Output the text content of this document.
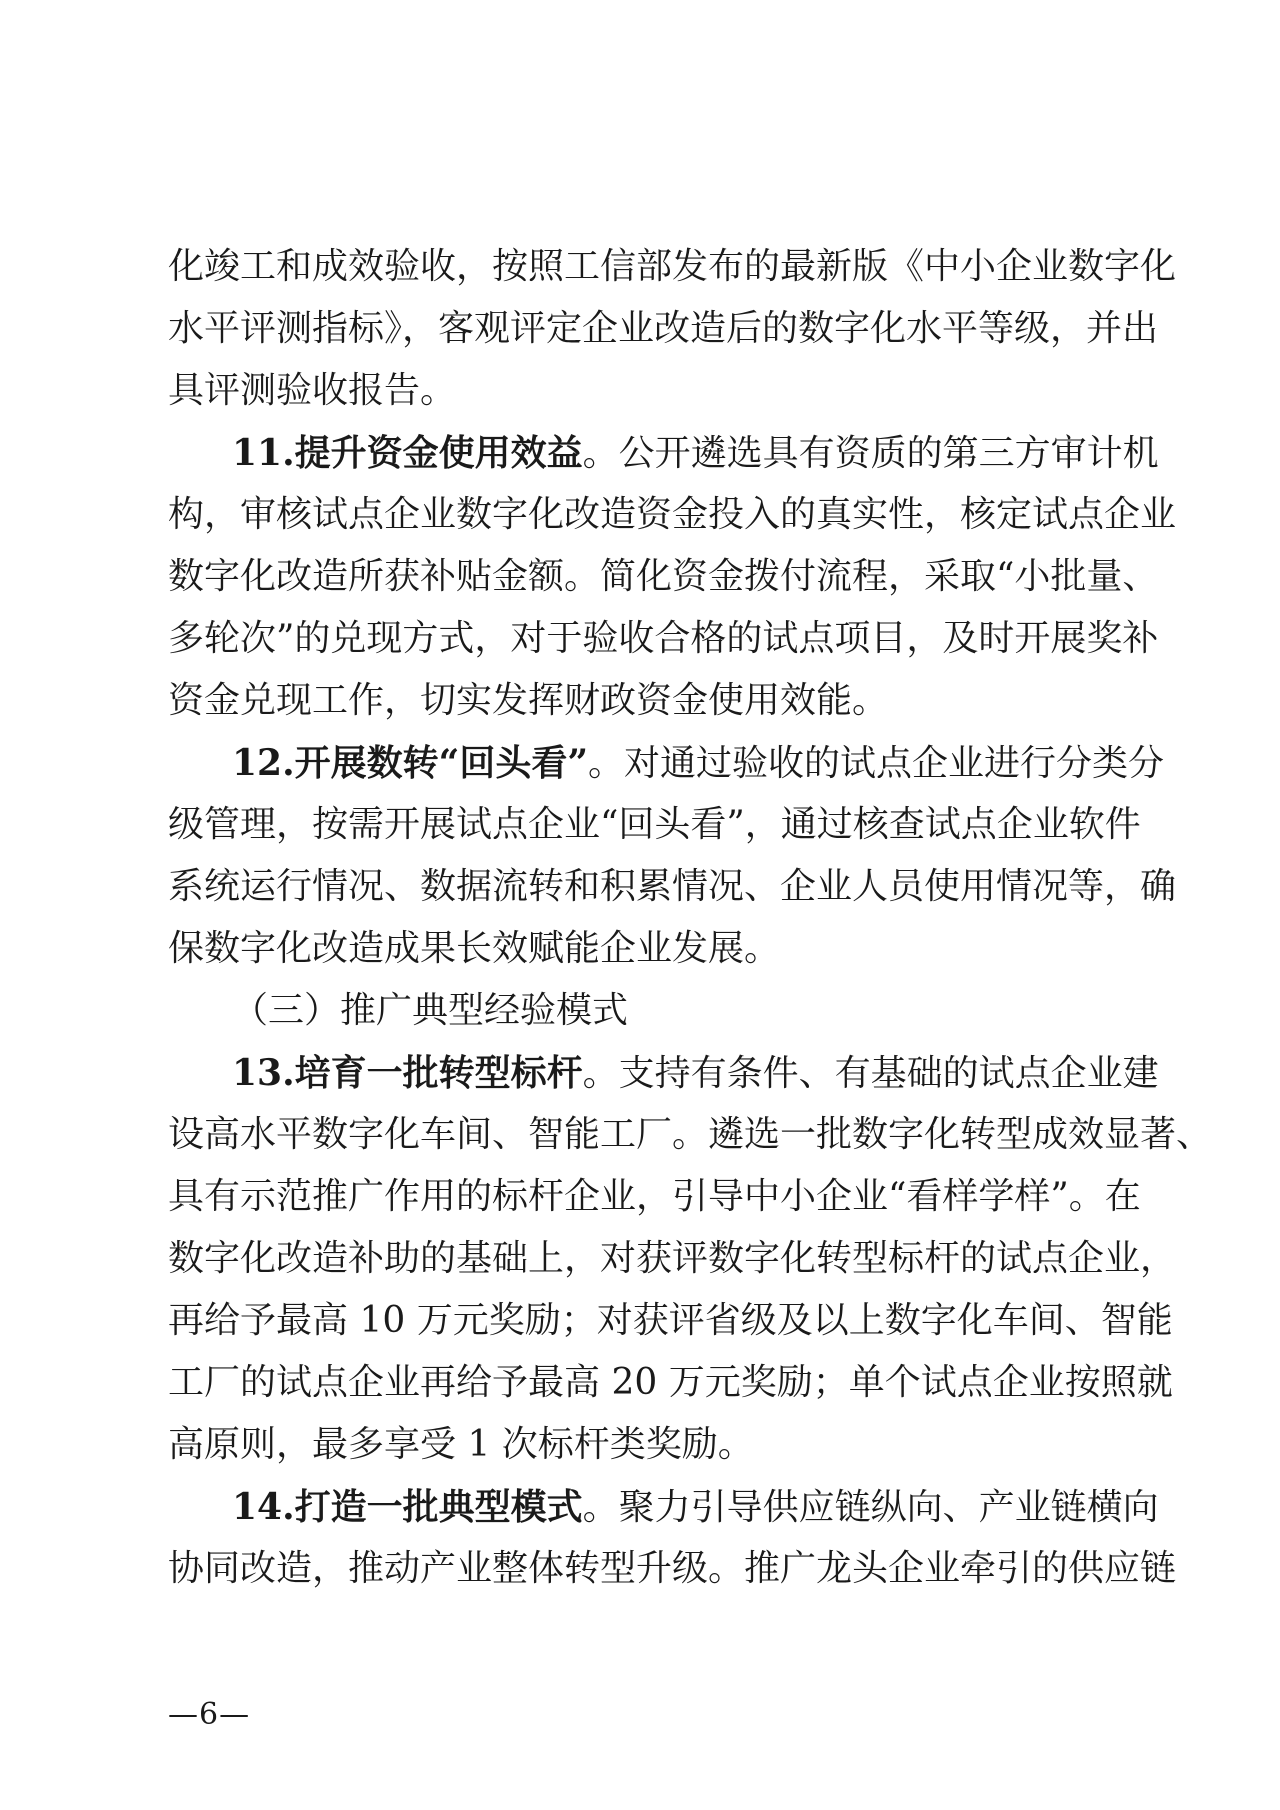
化竣工和成效验收，按照工信部发布的最新版《中小企业数字化
水平评测指标》，客观评定企业改造后的数字化水平等级，并出
具评测验收报告。
11.提升资金使用效益。公开遴选具有资质的第三方审计机
构，审核试点企业数字化改造资金投入的真实性，核定试点企业
数字化改造所获补贴金额。简化资金拨付流程，采取“小批量、
多轮次”的兑现方式，对于验收合格的试点项目，及时开展奖补
资金兑现工作，切实发挥财政资金使用效能。
12.开展数转“回头看”。对通过验收的试点企业进行分类分
级管理，按需开展试点企业“回头看”，通过核查试点企业软件
系统运行情况、数据流转和积累情况、企业人员使用情况等，确
保数字化改造成果长效赋能企业发展。
（三）推广典型经验模式
13.培育一批转型标杆。支持有条件、有基础的试点企业建
设高水平数字化车间、智能工厂。遴选一批数字化转型成效显著、
具有示范推广作用的标杆企业，引导中小企业“看样学样”。在
数字化改造补助的基础上，对获评数字化转型标杆的试点企业，
再给予最高 10 万元奖励；对获评省级及以上数字化车间、智能
工厂的试点企业再给予最高 20 万元奖励；单个试点企业按照就
高原则，最多享受 1 次标杆类奖励。
14.打造一批典型模式。聚力引导供应链纵向、产业链横向
协同改造，推动产业整体转型升级。推广龙头企业牵引的供应链
—6—
